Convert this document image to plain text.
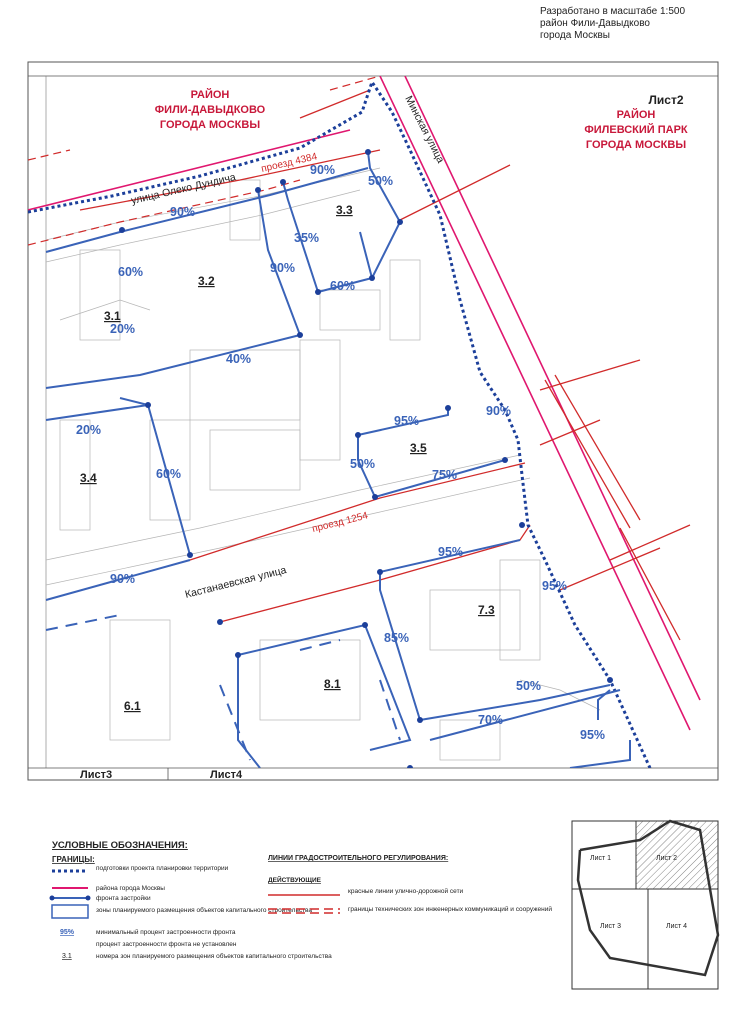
Разработано в масштабе 1:500
район Фили-Давыдково
города Москвы
РАЙОН
ФИЛИ-ДАВЫДКОВО
ГОРОДА МОСКВЫ
РАЙОН
ФИЛЕВСКИЙ ПАРК
ГОРОДА МОСКВЫ
Лист2
улица Олеко Дундича
Минская улица
Кастанаевская улица
проезд 4384
проезд 1254
3.3
3.2
3.1
3.4
3.5
7.3
8.1
6.1
90%
50%
90%
35%
90%
60%
60%
20%
40%
20%
60%
95%
90%
50%
75%
95%
90%	95%
85%
50%
70%
95%
Лист3	Лист4
УСЛОВНЫЕ ОБОЗНАЧЕНИЯ:
ГРАНИЦЫ:
подготовки проекта планировки территории
района города Москвы
фронта застройки
зоны планируемого размещения объектов капитального строительства
95%	минимальный процент застроенности фронта
процент застроенности фронта не установлен
3.1	номера зон планируемого размещения объектов капитального строительства
ЛИНИИ ГРАДОСТРОИТЕЛЬНОГО РЕГУЛИРОВАНИЯ:
ДЕЙСТВУЮЩИЕ
красные линии улично-дорожной сети
границы технических зон инженерных коммуникаций и сооружений
Лист 1	Лист 2
Лист 3	Лист 4
